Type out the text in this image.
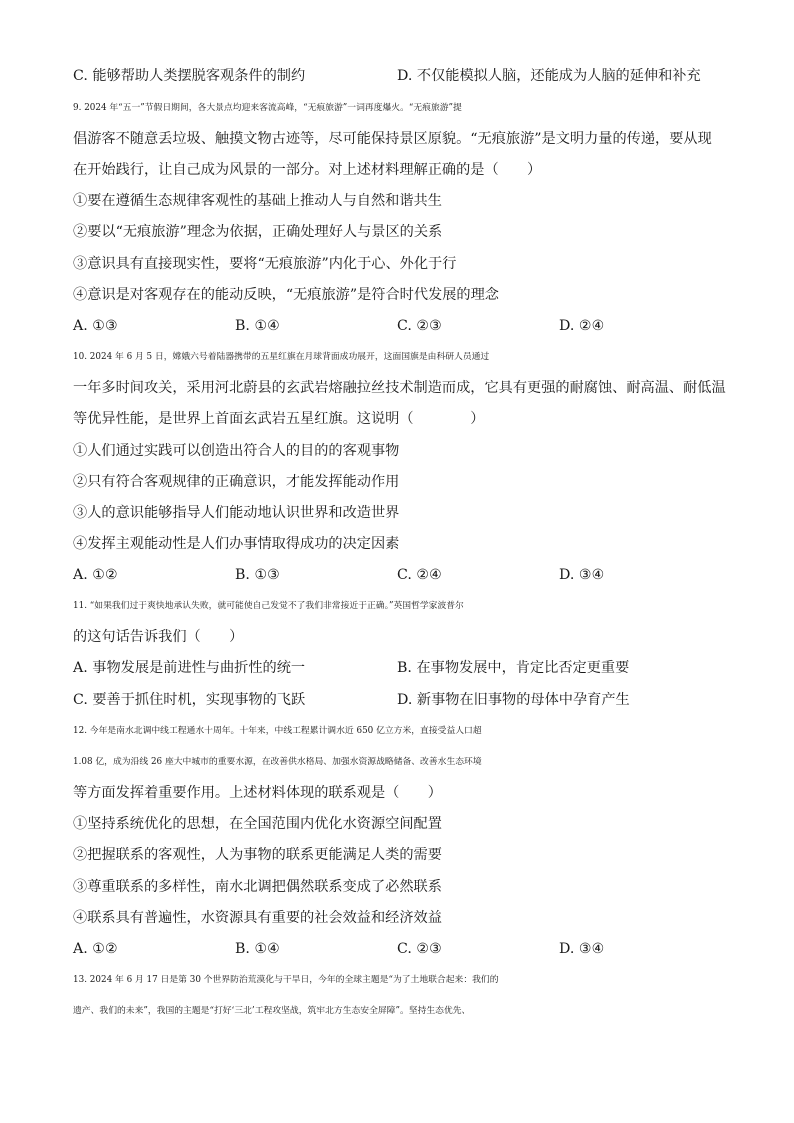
C. 能够帮助人类摆脱客观条件的制约	D. 不仅能模拟人脑，还能成为人脑的延伸和补充
9. 2024 年“五一”节假日期间，各大景点均迎来客流高峰，“无痕旅游”一词再度爆火。“无痕旅游”提
倡游客不随意丢垃圾、触摸文物古迹等，尽可能保持景区原貌。“无痕旅游”是文明力量的传递，要从现
在开始践行，让自己成为风景的一部分。对上述材料理解正确的是（　　）
①要在遵循生态规律客观性的基础上推动人与自然和谐共生
②要以“无痕旅游”理念为依据，正确处理好人与景区的关系
③意识具有直接现实性，要将“无痕旅游”内化于心、外化于行
④意识是对客观存在的能动反映，“无痕旅游”是符合时代发展的理念
A. ①③	B. ①④	C. ②③	D. ②④
10. 2024 年 6 月 5 日，嫦娥六号着陆器携带的五星红旗在月球背面成功展开，这面国旗是由科研人员通过
一年多时间攻关，采用河北蔚县的玄武岩熔融拉丝技术制造而成，它具有更强的耐腐蚀、耐高温、耐低温
等优异性能，是世界上首面玄武岩五星红旗。这说明（　　　　）
①人们通过实践可以创造出符合人的目的的客观事物
②只有符合客观规律的正确意识，才能发挥能动作用
③人的意识能够指导人们能动地认识世界和改造世界
④发挥主观能动性是人们办事情取得成功的决定因素
A. ①②	B. ①③	C. ②④	D. ③④
11. “如果我们过于爽快地承认失败，就可能使自己发觉不了我们非常接近于正确。”英国哲学家波普尔
的这句话告诉我们（　　）
A. 事物发展是前进性与曲折性的统一	B. 在事物发展中，肯定比否定更重要
C. 要善于抓住时机，实现事物的飞跃	D. 新事物在旧事物的母体中孕育产生
12. 今年是南水北调中线工程通水十周年。十年来，中线工程累计调水近 650 亿立方米，直接受益人口超
1.08 亿，成为沿线 26 座大中城市的重要水源，在改善供水格局、加强水资源战略储备、改善水生态环境
等方面发挥着重要作用。上述材料体现的联系观是（　　）
①坚持系统优化的思想，在全国范围内优化水资源空间配置
②把握联系的客观性，人为事物的联系更能满足人类的需要
③尊重联系的多样性，南水北调把偶然联系变成了必然联系
④联系具有普遍性，水资源具有重要的社会效益和经济效益
A. ①②	B. ①④	C. ②③	D. ③④
13. 2024 年 6 月 17 日是第 30 个世界防治荒漠化与干旱日，今年的全球主题是“为了土地联合起来：我们的
遗产、我们的未来”，我国的主题是“打好‘三北’工程攻坚战，筑牢北方生态安全屏障”。坚持生态优先、
